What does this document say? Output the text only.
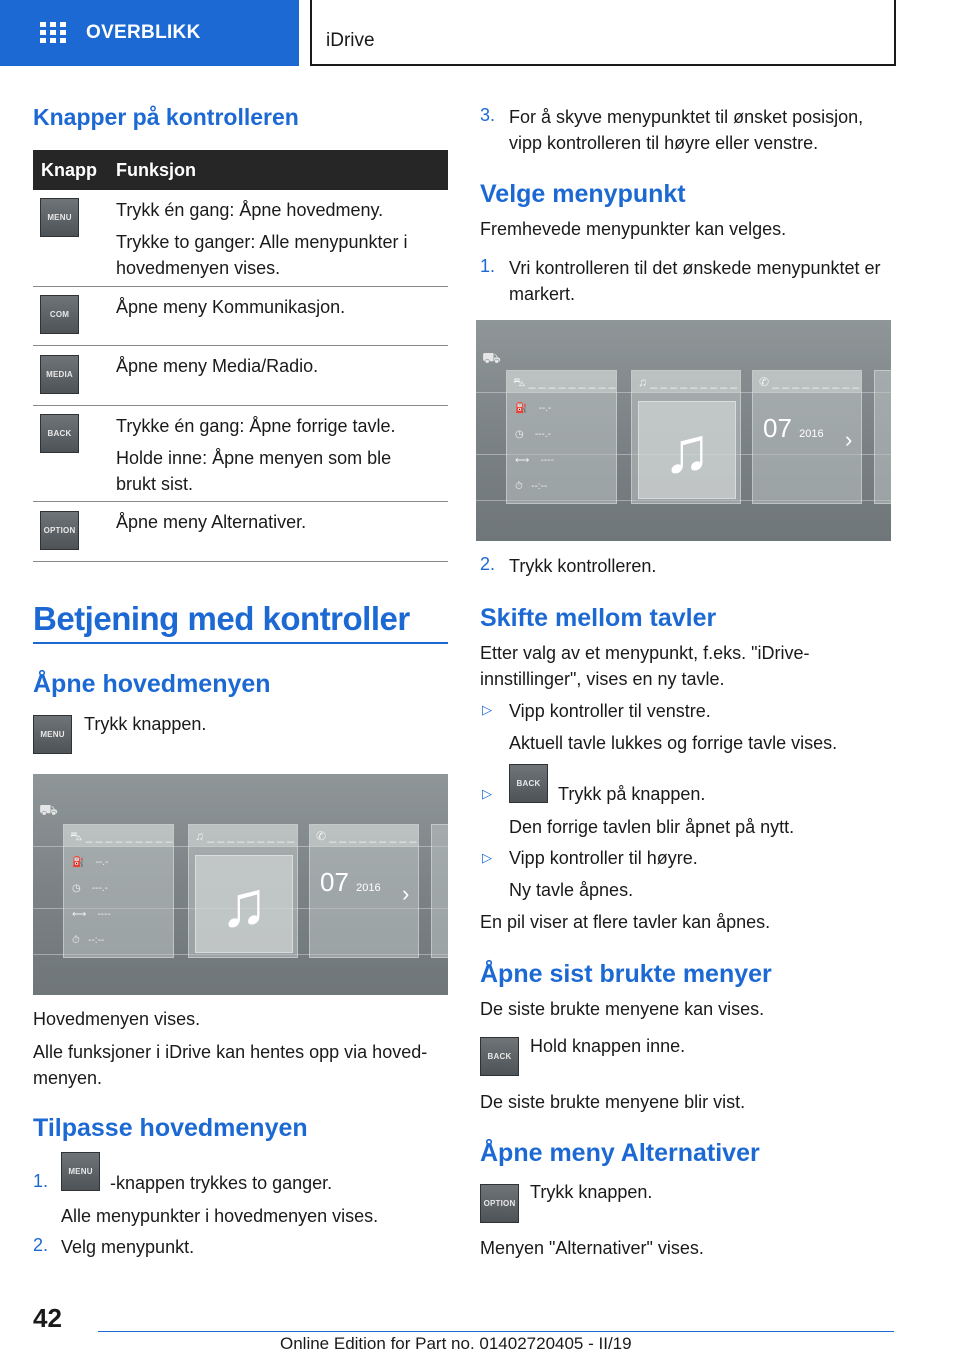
OVERBLIKK	iDrive
Knapper på kontrolleren
Knapp Funksjon
MENU	Trykk én gang: Åpne hovedmeny.
Trykke to ganger: Alle menypunkter i hovedmenyen vises.
COM	Åpne meny Kommunikasjon.
MEDIA	Åpne meny Media/Radio.
BACK	Trykke én gang: Åpne forrige tavle.
Holde inne: Åpne menyen som ble brukt sist.
OPTION Åpne meny Alternativer.
Betjening med kontroller
Åpne hovedmenyen
MENU
Trykk knappen.
⛟
⛍ _ _ _ _ _ _ _ _ _
⛽    --.-
◷    ---.-
⟷    ----
⏱   --:--
♫ _ _ _ _ _ _ _ _ _
♫
✆ _ _ _ _ _ _ _ _ _
07 2016 ›
Hovedmenyen vises.
Alle funksjoner i iDrive kan hentes opp via hoved-menyen.
Tilpasse hovedmenyen
1.	MENU
-knappen trykkes to ganger.
Alle menypunkter i hovedmenyen vises.
2. Velg menypunkt.
3. For å skyve menypunktet til ønsket posisjon, vipp kontrolleren til høyre eller venstre.
Velge menypunkt
Fremhevede menypunkter kan velges.
1. Vri kontrolleren til det ønskede menypunktet er markert.
⛟
⛍ _ _ _ _ _ _ _ _ _
⛽    --.-
◷    ---.-
⟷    ----
⏱   --:--
♫ _ _ _ _ _ _ _ _ _
♫
✆ _ _ _ _ _ _ _ _ _
07 2016 ›
2. Trykk kontrolleren.
Skifte mellom tavler
Etter valg av et menypunkt, f.eks. "iDrive-innstillinger", vises en ny tavle.
▷ Vipp kontroller til venstre.
Aktuell tavle lukkes og forrige tavle vises.
▷
BACK
Trykk på knappen.
Den forrige tavlen blir åpnet på nytt.
▷ Vipp kontroller til høyre.
Ny tavle åpnes.
En pil viser at flere tavler kan åpnes.
Åpne sist brukte menyer
De siste brukte menyene kan vises.
BACK
Hold knappen inne.
De siste brukte menyene blir vist.
Åpne meny Alternativer
OPTION
Trykk knappen.
Menyen "Alternativer" vises.
42
Online Edition for Part no. 01402720405 - II/19
